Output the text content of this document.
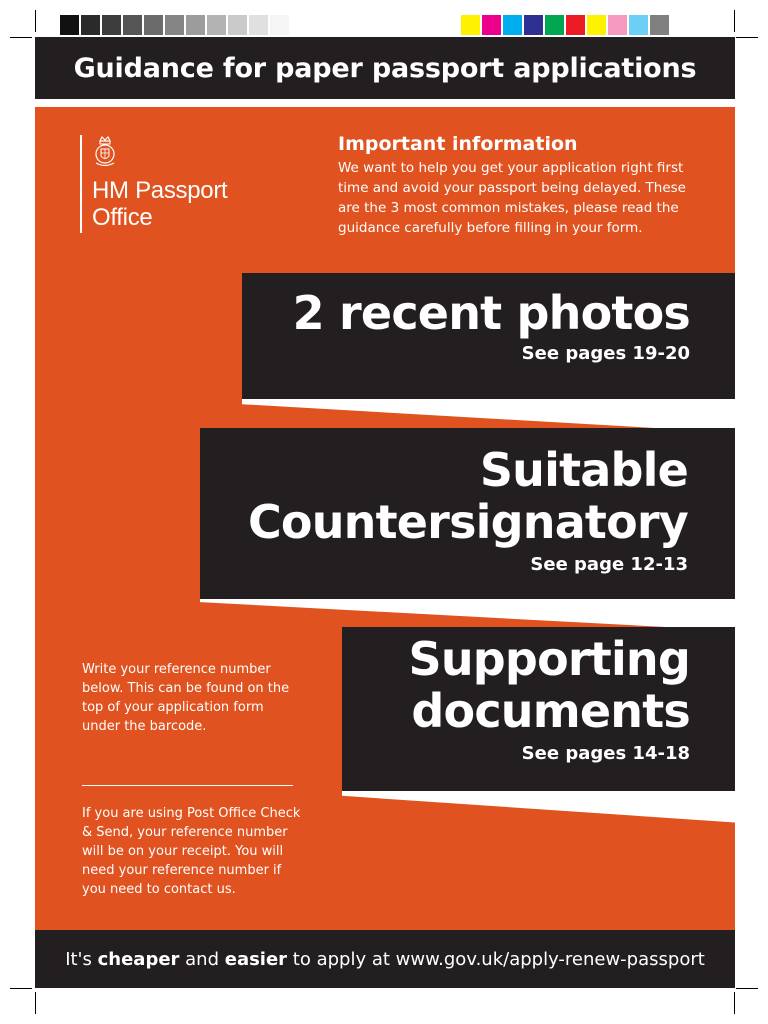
Guidance for paper passport applications
HM Passport
Office

Important information

We want to help you get your application right first time and avoid your passport being delayed. These are the 3 most common mistakes, please read the guidance carefully before filling in your form.

2 recent photos
See pages 19-20
Suitable
Countersignatory
See page 12-13
Supporting
documents
See pages 14-18

Write your reference number below. This can be found on the top of your application form under the barcode.

If you are using Post Office Check & Send, your reference number will be on your receipt. You will need your reference number if you need to contact us.

It's cheaper and easier to apply at www.gov.uk/apply-renew-passport
